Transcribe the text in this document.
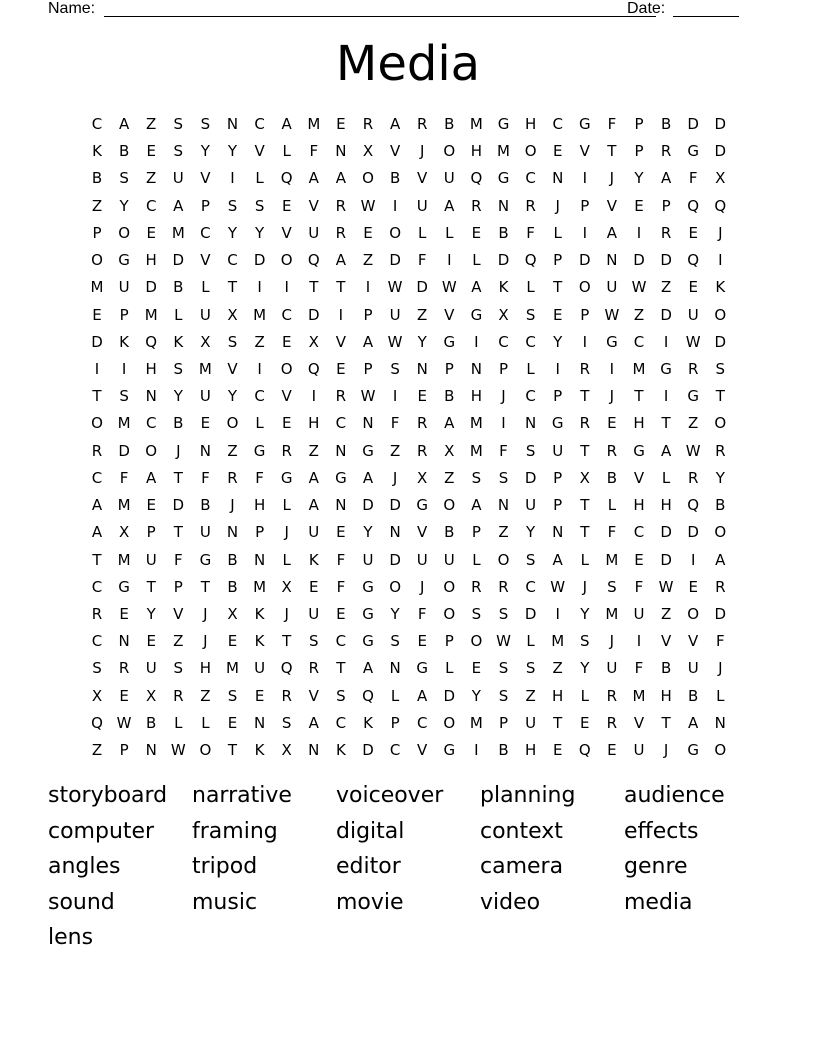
Name:	Date:
Media
C	A	Z	S	S	N	C	A	M	E	R	A	R	B	M G	H	C	G	F	P	B	D	D
K	B	E	S	Y	Y	V	L	F	N	X	V	J	O	H M O	E	V	T	P	R	G	D
B	S	Z	U	V	I	L	Q	A	A	O	B	V	U	Q	G	C	N	I	J	Y	A	F	X
Z	Y	C	A	P	S	S	E	V	R W	I	U	A	R	N	R	J	P	V	E	P	Q	Q
P	O	E	M	C	Y	Y	V	U	R	E	O	L	L	E	B	F	L	I	A	I	R	E	J
O	G	H	D	V	C	D	O	Q	A	Z	D	F	I	L	D	Q	P	D	N	D	D	Q	I
M	U	D	B	L	T	I	I	T	T	I	W D W A	K	L	T	O	U W Z	E	K
E	P	M	L	U	X	M	C	D	I	P	U	Z	V	G	X	S	E	P	W Z	D	U	O
D	K	Q	K	X	S	Z	E	X	V	A W	Y	G	I	C	C	Y	I	G	C	I	W D
I	I	H	S	M	V	I	O	Q	E	P	S	N	P	N	P	L	I	R	I	M G	R	S
T	S	N	Y	U	Y	C	V	I	R W	I	E	B	H	J	C	P	T	J	T	I	G	T
O M	C	B	E	O	L	E	H	C	N	F	R	A	M	I	N	G	R	E	H	T	Z	O
R	D	O	J	N	Z	G	R	Z	N	G	Z	R	X	M	F	S	U	T	R	G	A W R
C	F	A	T	F	R	F	G	A	G	A	J	X	Z	S	S	D	P	X	B	V	L	R	Y
A	M	E	D	B	J	H	L	A	N	D	D	G	O	A	N	U	P	T	L	H	H	Q	B
A	X	P	T	U	N	P	J	U	E	Y	N	V	B	P	Z	Y	N	T	F	C	D	D	O
T	M	U	F	G	B	N	L	K	F	U	D	U	U	L	O	S	A	L	M	E	D	I	A
C	G	T	P	T	B	M	X	E	F	G	O	J	O	R	R	C W	J	S	F	W E	R
R	E	Y	V	J	X	K	J	U	E	G	Y	F	O	S	S	D	I	Y	M	U	Z	O	D
C	N	E	Z	J	E	K	T	S	C	G	S	E	P	O W	L	M	S	J	I	V	V	F
S	R	U	S	H M	U	Q	R	T	A	N	G	L	E	S	S	Z	Y	U	F	B	U	J
X	E	X	R	Z	S	E	R	V	S	Q	L	A	D	Y	S	Z	H	L	R	M H	B	L
Q W B	L	L	E	N	S	A	C	K	P	C	O M	P	U	T	E	R	V	T	A	N
Z	P	N W O	T	K	X	N	K	D	C	V	G	I	B	H	E	Q	E	U	J	G	O
storyboard	narrative	voiceover	planning	audience
computer	framing	digital	context	effects
angles	tripod	editor	camera	genre
sound	music	movie	video	media
lens
